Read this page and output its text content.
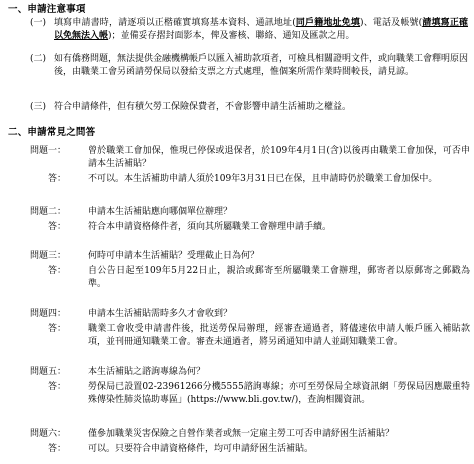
一、申請注意事項
(一) 填寫申請書時，請逐項以正楷確實填寫基本資料、通訊地址(同戶籍地址免填)、電話及帳號(請填寫正確以免無法入帳)；並備妥存摺封面影本，俾及審核、聯絡、通知及匯款之用。
(二) 如有僑務問題，無法提供金融機構帳戶以匯入補助款項者，可檢具相關證明文件，或向職業工會釋明原因後，由職業工會另函請勞保局以發給支票之方式處理，惟個案所需作業時間較長，請見諒。
(三) 符合申請條件，但有積欠勞工保險保費者，不會影響申請生活補助之權益。
二、申請常見之問答
問題一： 曾於職業工會加保，惟現已停保或退保者，於109年4月1日(含)以後再由職業工會加保，可否申請本生活補貼？
答： 不可以。本生活補助申請人須於109年3月31日已在保，且申請時仍於職業工會加保中。
問題二： 申請本生活補貼應向哪個單位辦理？
答： 符合本申請資格條件者，須向其所屬職業工會辦理申請手續。
問題三： 何時可申請本生活補貼？受理截止日為何？
答： 自公告日起至109年5月22日止，親洽或郵寄至所屬職業工會辦理，郵寄者以原郵寄之郵戳為準。
問題四： 申請本生活補貼需時多久才會收到？
答： 職業工會收受申請書件後，批送勞保局辦理，經審查通過者，將儘速依申請人帳戶匯入補貼款項，並刊冊通知職業工會。審查未通過者，將另函通知申請人並副知職業工會。
問題五： 本生活補貼之諮詢專線為何？
答： 勞保局已設置02-23961266分機5555諮詢專線；亦可至勞保局全球資訊網「勞保局因應嚴重特殊傳染性肺炎協助專區」(https://www.bli.gov.tw/)，查詢相關資訊。
問題六： 僅參加職業災害保險之自營作業者或無一定雇主勞工可否申請紓困生活補貼？
答： 可以。只要符合申請資格條件，均可申請紓困生活補貼。
